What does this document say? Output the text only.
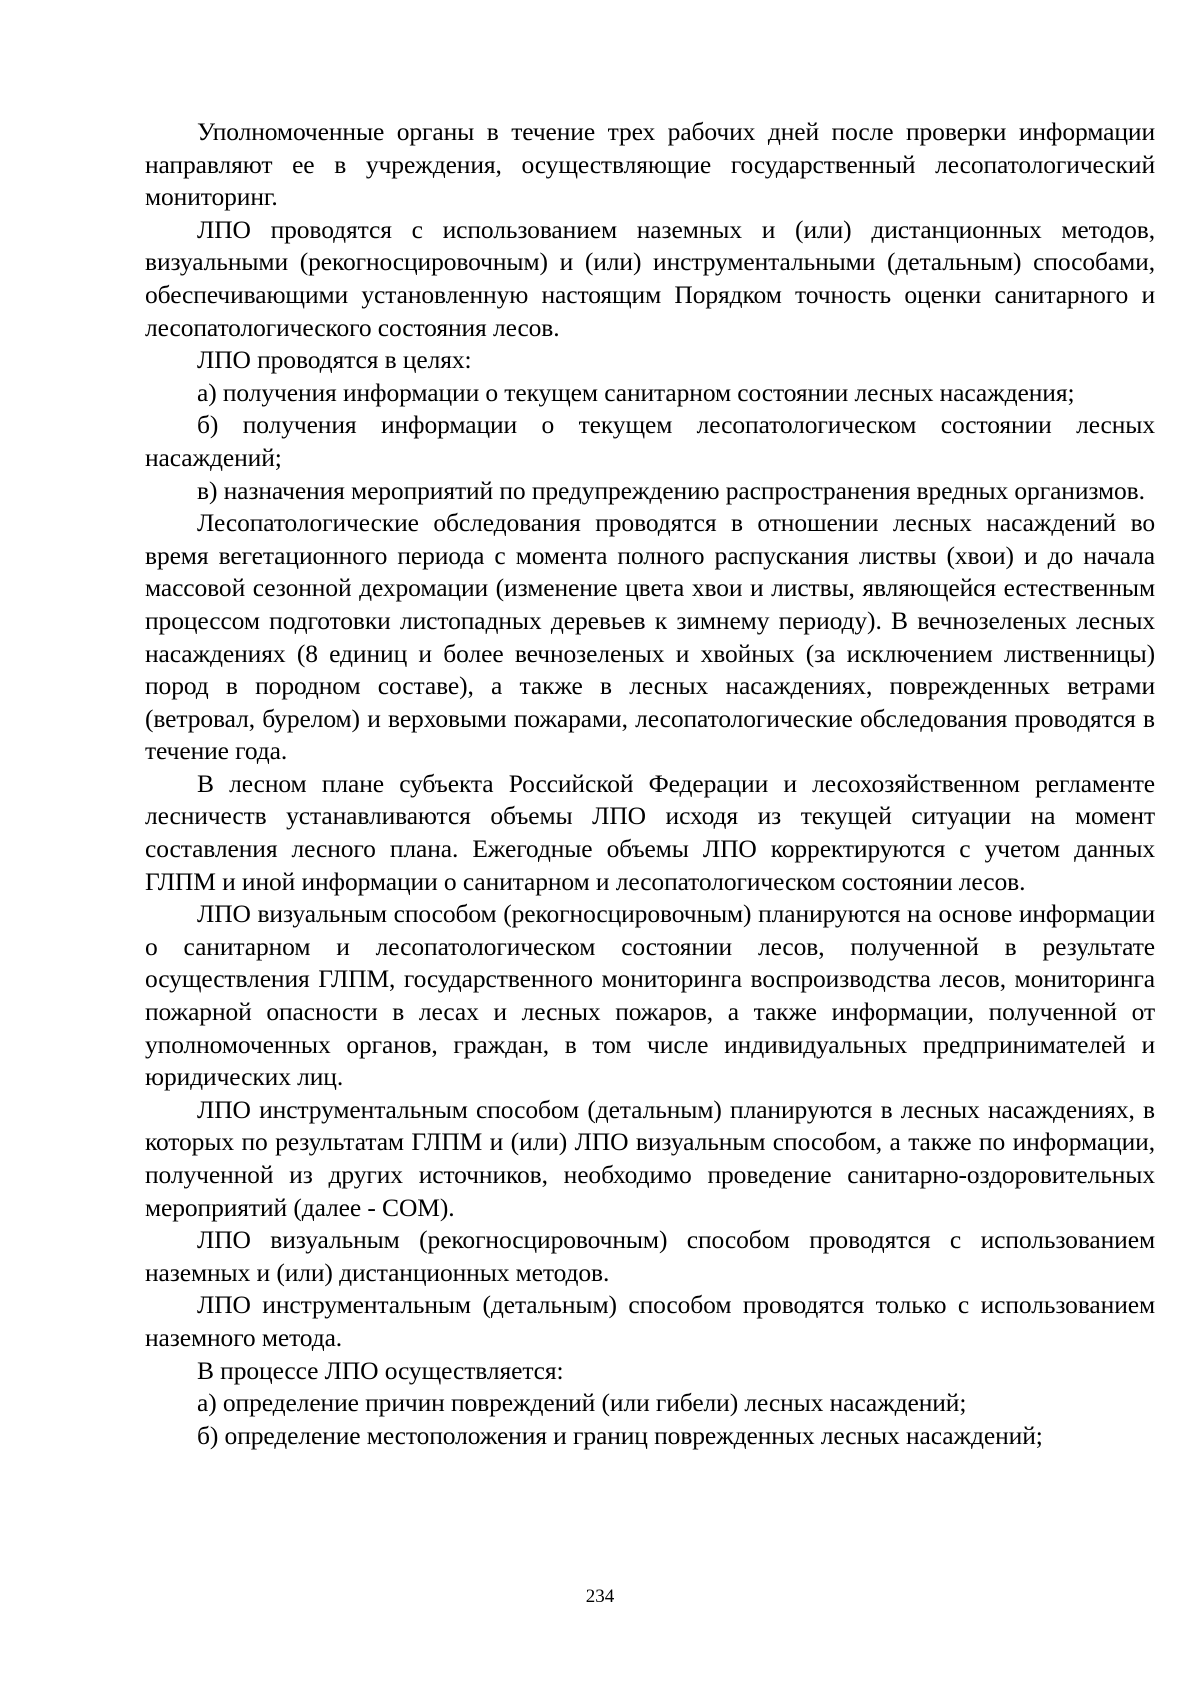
Уполномоченные органы в течение трех рабочих дней после проверки информации направляют ее в учреждения, осуществляющие государственный лесопатологический мониторинг.

ЛПО проводятся с использованием наземных и (или) дистанционных методов, визуальными (рекогносцировочным) и (или) инструментальными (детальным) способами, обеспечивающими установленную настоящим Порядком точность оценки санитарного и лесопатологического состояния лесов.

ЛПО проводятся в целях:

а) получения информации о текущем санитарном состоянии лесных насаждения;

б) получения информации о текущем лесопатологическом состоянии лесных насаждений;

в) назначения мероприятий по предупреждению распространения вредных организмов.

Лесопатологические обследования проводятся в отношении лесных насаждений во время вегетационного периода с момента полного распускания листвы (хвои) и до начала массовой сезонной дехромации (изменение цвета хвои и листвы, являющейся естественным процессом подготовки листопадных деревьев к зимнему периоду). В вечнозеленых лесных насаждениях (8 единиц и более вечнозеленых и хвойных (за исключением лиственницы) пород в породном составе), а также в лесных насаждениях, поврежденных ветрами (ветровал, бурелом) и верховыми пожарами, лесопатологические обследования проводятся в течение года.

В лесном плане субъекта Российской Федерации и лесохозяйственном регламенте лесничеств устанавливаются объемы ЛПО исходя из текущей ситуации на момент составления лесного плана. Ежегодные объемы ЛПО корректируются с учетом данных ГЛПМ и иной информации о санитарном и лесопатологическом состоянии лесов.

ЛПО визуальным способом (рекогносцировочным) планируются на основе информации о санитарном и лесопатологическом состоянии лесов, полученной в результате осуществления ГЛПМ, государственного мониторинга воспроизводства лесов, мониторинга пожарной опасности в лесах и лесных пожаров, а также информации, полученной от уполномоченных органов, граждан, в том числе индивидуальных предпринимателей и юридических лиц.

ЛПО инструментальным способом (детальным) планируются в лесных насаждениях, в которых по результатам ГЛПМ и (или) ЛПО визуальным способом, а также по информации, полученной из других источников, необходимо проведение санитарно-оздоровительных мероприятий (далее - СОМ).

ЛПО визуальным (рекогносцировочным) способом проводятся с использованием наземных и (или) дистанционных методов.

ЛПО инструментальным (детальным) способом проводятся только с использованием наземного метода.

В процессе ЛПО осуществляется:

а) определение причин повреждений (или гибели) лесных насаждений;

б) определение местоположения и границ поврежденных лесных насаждений;

234
